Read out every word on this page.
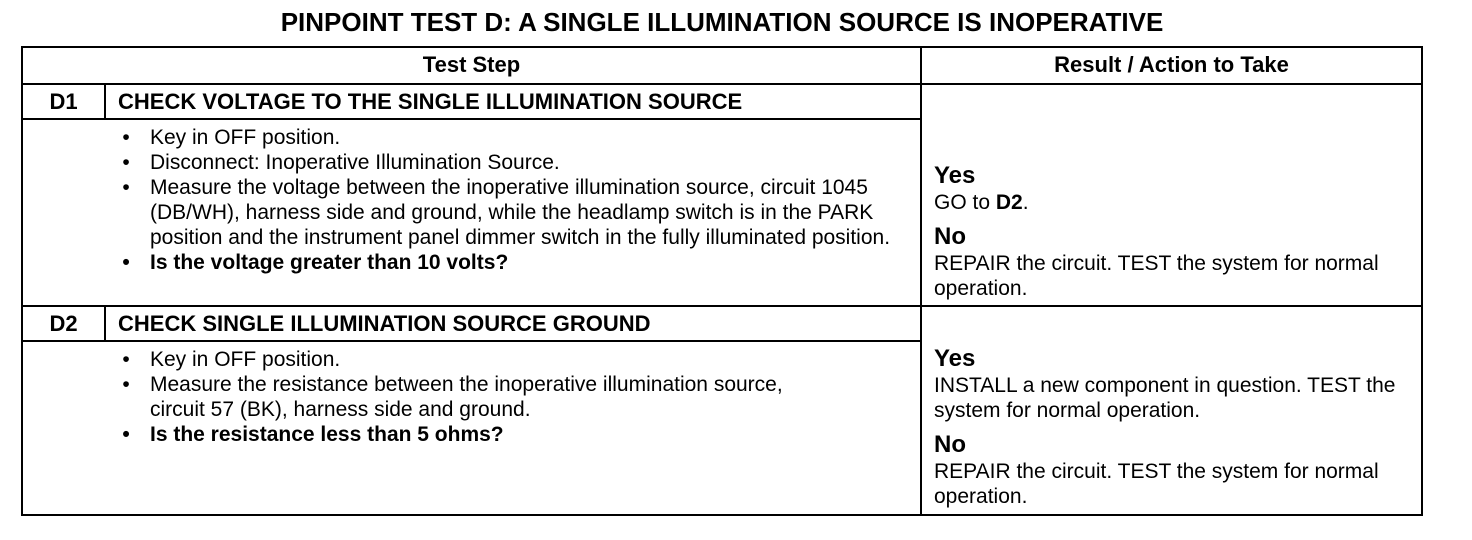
PINPOINT TEST D: A SINGLE ILLUMINATION SOURCE IS INOPERATIVE
Test Step	Result / Action to Take
D1	CHECK VOLTAGE TO THE SINGLE ILLUMINATION SOURCE
• Key in OFF position.
• Disconnect: Inoperative Illumination Source.
• Measure the voltage between the inoperative illumination source, circuit 1045 (DB/WH), harness side and ground, while the headlamp switch is in the PARK position and the instrument panel dimmer switch in the fully illuminated position.
• Is the voltage greater than 10 volts?
Yes
GO to D2.
No
REPAIR the circuit. TEST the system for normal operation.
D2	CHECK SINGLE ILLUMINATION SOURCE GROUND
• Key in OFF position.
• Measure the resistance between the inoperative illumination source, circuit 57 (BK), harness side and ground.
• Is the resistance less than 5 ohms?
Yes
INSTALL a new component in question. TEST the system for normal operation.
No
REPAIR the circuit. TEST the system for normal operation.
